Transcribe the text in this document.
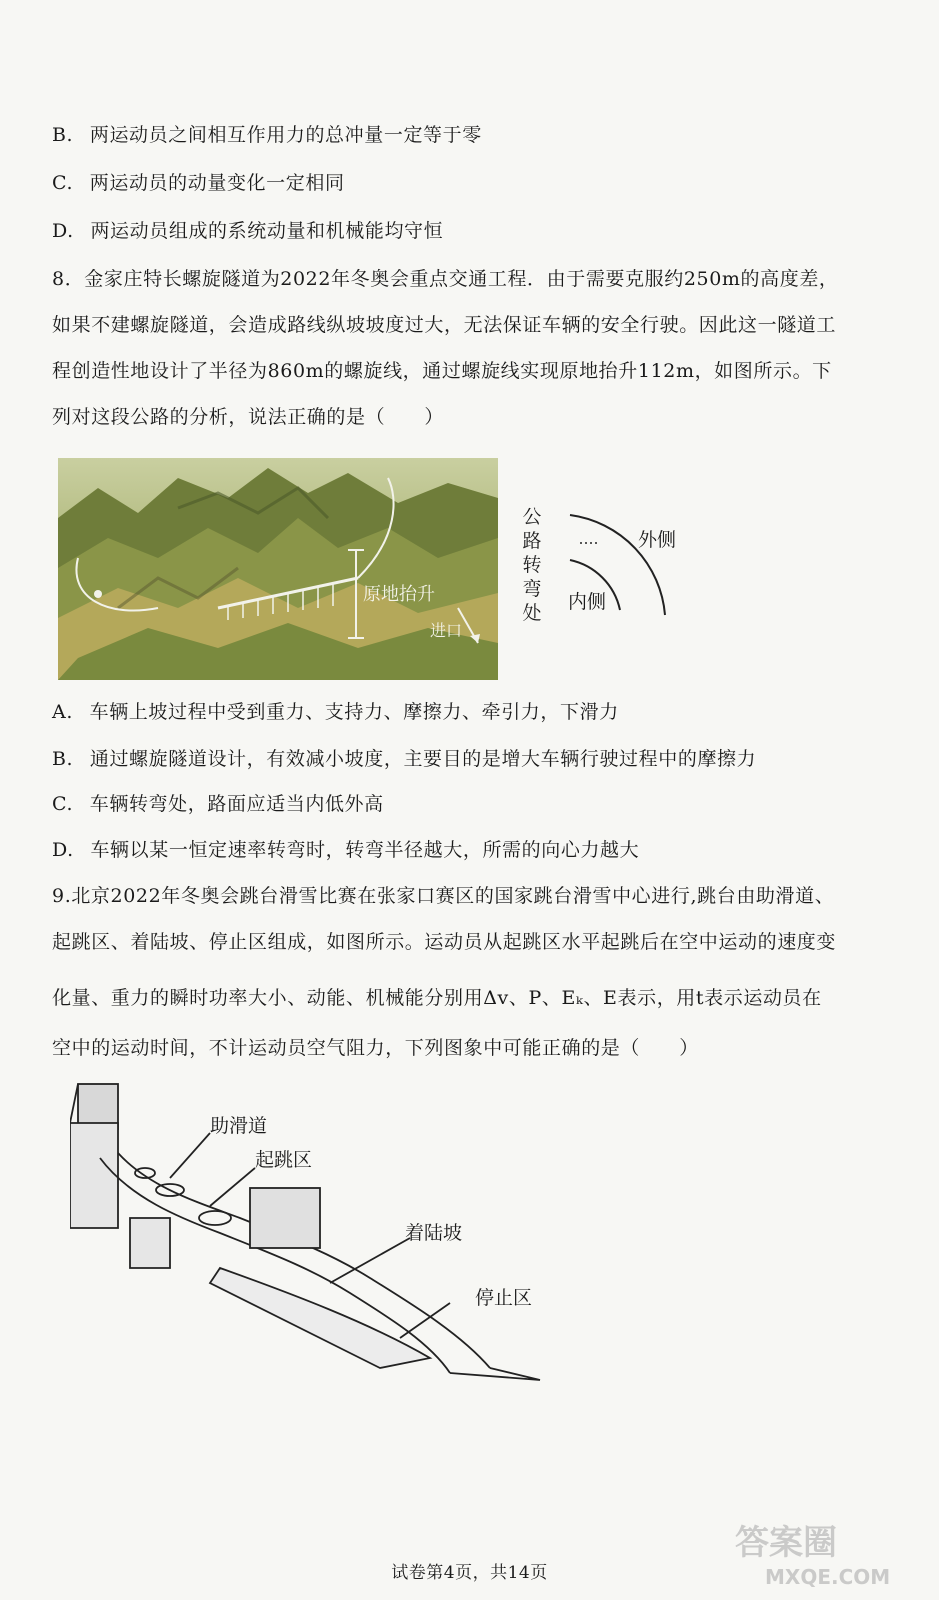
B. 两运动员之间相互作用力的总冲量一定等于零
C. 两运动员的动量变化一定相同
D. 两运动员组成的系统动量和机械能均守恒
8．金家庄特长螺旋隧道为2022年冬奥会重点交通工程．由于需要克服约250m的高度差，
如果不建螺旋隧道，会造成路线纵坡坡度过大，无法保证车辆的安全行驶。因此这一隧道工
程创造性地设计了半径为860m的螺旋线，通过螺旋线实现原地抬升112m，如图所示。下
列对这段公路的分析，说法正确的是（　　）
原地抬升
进口
公
路
转
弯
处
外侧
内侧
A. 车辆上坡过程中受到重力、支持力、摩擦力、牵引力，下滑力
B. 通过螺旋隧道设计，有效减小坡度，主要目的是增大车辆行驶过程中的摩擦力
C. 车辆转弯处，路面应适当内低外高
D. 车辆以某一恒定速率转弯时，转弯半径越大，所需的向心力越大
9.北京2022年冬奥会跳台滑雪比赛在张家口赛区的国家跳台滑雪中心进行,跳台由助滑道、
起跳区、着陆坡、停止区组成，如图所示。运动员从起跳区水平起跳后在空中运动的速度变
化量、重力的瞬时功率大小、动能、机械能分别用Δv、P、Eₖ、E表示，用t表示运动员在
空中的运动时间，不计运动员空气阻力，下列图象中可能正确的是（　　）
助滑道
起跳区
着陆坡
停止区
试卷第4页，共14页
答案圈
MXQE.COM
